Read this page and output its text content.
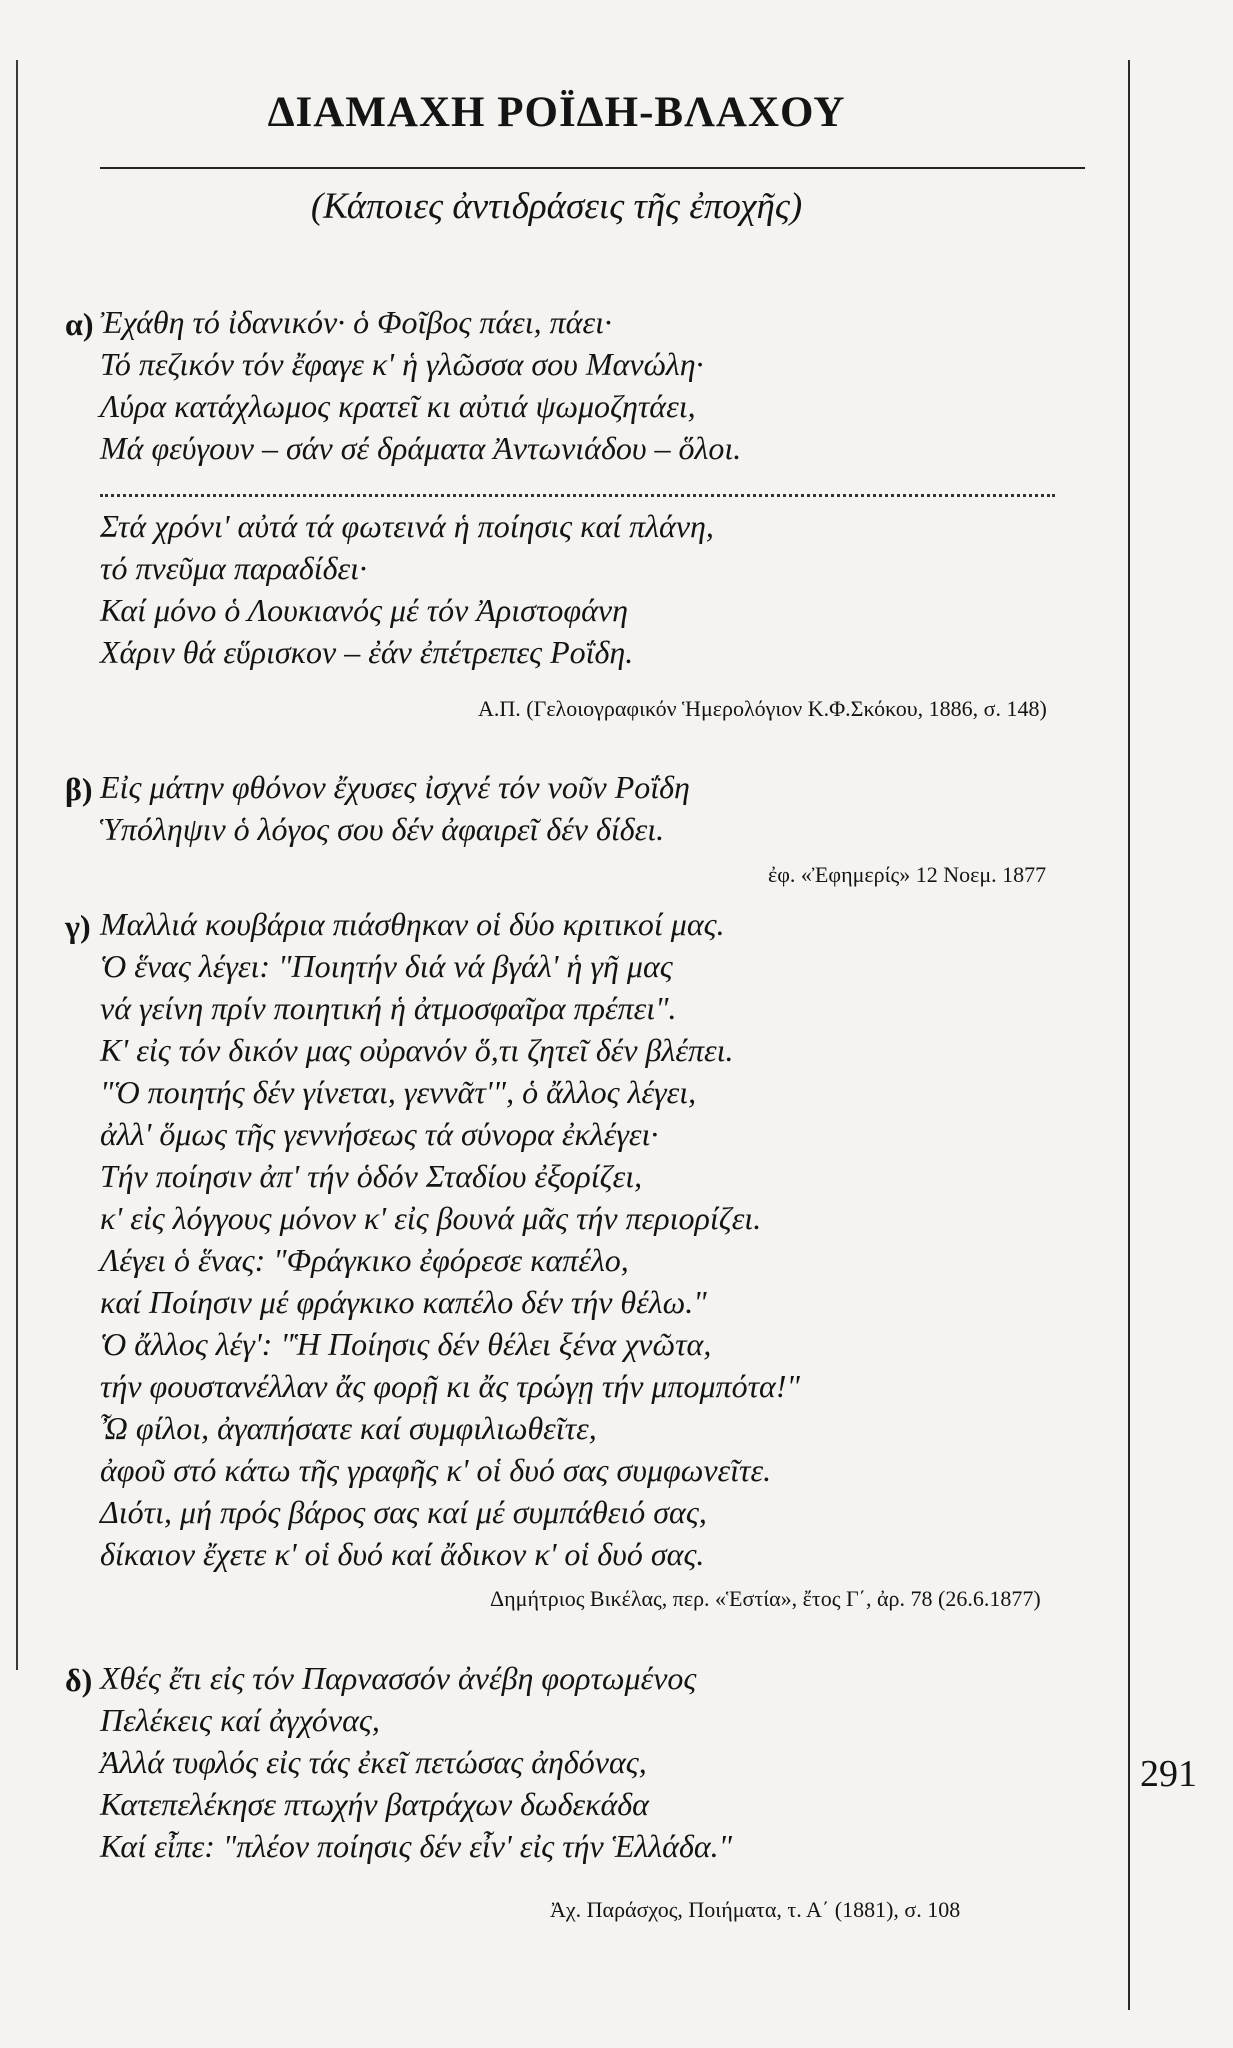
ΔΙΑΜΑΧΗ ΡΟΪΔΗ-ΒΛΑΧΟΥ
(Κάποιες ἀντιδράσεις τῆς ἐποχῆς)
α) Ἐχάθη τό ἰδανικόν· ὁ Φοῖβος πάει, πάει·
Τό πεζικόν τόν ἔφαγε κ' ἡ γλῶσσα σου Μανώλη·
Λύρα κατάχλωμος κρατεῖ κι αὐτιά ψωμοζητάει,
Μά φεύγουν – σάν σέ δράματα Ἀντωνιάδου – ὅλοι.
Στά χρόνι' αὐτά τά φωτεινά ἡ ποίησις καί πλάνη,
τό πνεῦμα παραδίδει·
Καί μόνο ὁ Λουκιανός μέ τόν Ἀριστοφάνη
Χάριν θά εὕρισκον – ἐάν ἐπέτρεπες Ροΐδη.
Α.Π. (Γελοιογραφικόν Ἡμερολόγιον Κ.Φ.Σκόκου, 1886, σ. 148)
β) Εἰς μάτην φθόνον ἔχυσες ἰσχνέ τόν νοῦν Ροΐδη
Ὑπόληψιν ὁ λόγος σου δέν ἀφαιρεῖ δέν δίδει.
ἐφ. «Ἐφημερίς» 12 Νοεμ. 1877
γ) Μαλλιά κουβάρια πιάσθηκαν οἱ δύο κριτικοί μας.
Ὁ ἕνας λέγει: "Ποιητήν διά νά βγάλ' ἡ γῆ μας
νά γείνη πρίν ποιητική ἡ ἀτμοσφαῖρα πρέπει".
Κ' εἰς τόν δικόν μας οὐρανόν ὅ,τι ζητεῖ δέν βλέπει.
"Ὁ ποιητής δέν γίνεται, γεννᾶτ'", ὁ ἄλλος λέγει,
ἀλλ' ὅμως τῆς γεννήσεως τά σύνορα ἐκλέγει·
Τήν ποίησιν ἀπ' τήν ὁδόν Σταδίου ἐξορίζει,
κ' εἰς λόγγους μόνον κ' εἰς βουνά μᾶς τήν περιορίζει.
Λέγει ὁ ἕνας: "Φράγκικο ἐφόρεσε καπέλο,
καί Ποίησιν μέ φράγκικο καπέλο δέν τήν θέλω."
Ὁ ἄλλος λέγ': "Ἡ Ποίησις δέν θέλει ξένα χνῶτα,
τήν φουστανέλλαν ἄς φορῇ κι ἄς τρώγῃ τήν μπομπότα!"
Ὦ φίλοι, ἀγαπήσατε καί συμφιλιωθεῖτε,
ἀφοῦ στό κάτω τῆς γραφῆς κ' οἱ δυό σας συμφωνεῖτε.
Διότι, μή πρός βάρος σας καί μέ συμπάθειό σας,
δίκαιον ἔχετε κ' οἱ δυό καί ἄδικον κ' οἱ δυό σας.
Δημήτριος Βικέλας, περ. «Ἑστία», ἔτος Γ΄, ἀρ. 78 (26.6.1877)
δ) Χθές ἔτι εἰς τόν Παρνασσόν ἀνέβη φορτωμένος
Πελέκεις καί ἀγχόνας,
Ἀλλά τυφλός εἰς τάς ἐκεῖ πετώσας ἀηδόνας,
Κατεπελέκησε πτωχήν βατράχων δωδεκάδα
Καί εἶπε: "πλέον ποίησις δέν εἶν' εἰς τήν Ἑλλάδα."
Ἀχ. Παράσχος, Ποιήματα, τ. Α΄ (1881), σ. 108
291
